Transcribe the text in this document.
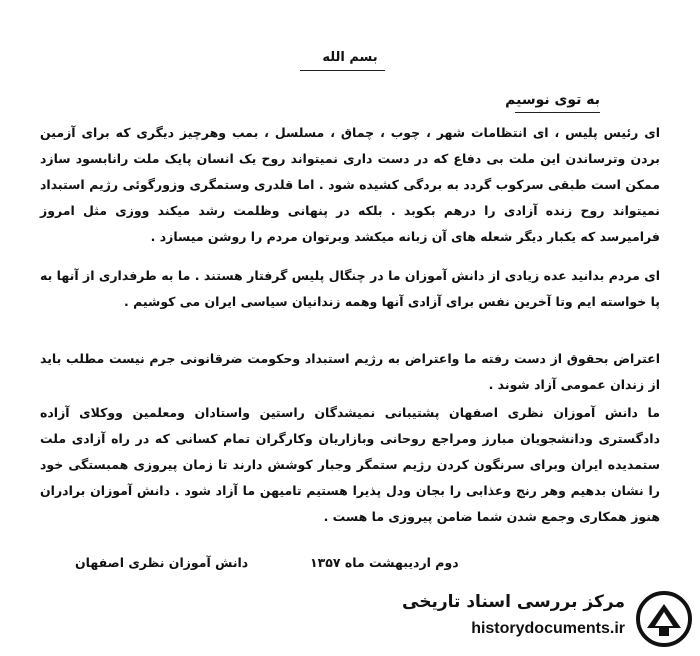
بسم الله
به توی نوسیم
ای رئیس پلیس ، ای انتظامات شهر ، چوب ، چماق ، مسلسل ، بمب وهرچیز دیگری که برای آزمین بردن وترساندن این ملت بی دفاع که در دست داری نمیتواند روح یک انسان پایک ملت رانابسود سازد ممکن است طبقی سرکوب گردد به بردگی کشیده شود . اما قلدری وستمگری وزورگوئی رژیم استبداد نمیتواند روح زنده آزادی را درهم بکوبد . بلکه در پنهانی وظلمت رشد میکند ووزی مثل امروز فرامیرسد که یکبار دیگر شعله های آن زبانه میکشد وبرتوان مردم را روشن میسازد .
ای مردم بدانید عده زیادی از دانش آموزان ما در چنگال پلیس گرفتار هستند . ما به طرفداری از آنها به پا خواسته ایم وتا آخرین نفس برای آزادی آنها وهمه زندانیان سیاسی ایران می کوشیم .
اعتراض بحقوق از دست رفته ما واعتراض به رژیم استبداد وحکومت ضرقانونی جرم نیست مطلب باید از زندان عمومی آزاد شوند .
ما دانش آموزان نظری اصفهان پشتیبانی نمیشدگان راستین واستادان ومعلمین ووکلای آزاده دادگستری ودانشجویان مبارز ومراجع روحانی وبازاریان وکارگران تمام کسانی که در راه آزادی ملت ستمدیده ایران وبرای سرنگون کردن رژیم ستمگر وجبار کوشش دارند تا زمان پیروزی همبستگی خود را نشان بدهیم وهر رنج وعذابی را بجان ودل پذیرا هستیم تامیهن ما آزاد شود . دانش آموزان برادران هنوز همکاری وجمع شدن شما ضامن پیروزی ما هست .
دوم اردیبهشت ماه ۱۳۵۷
دانش آموزان نظری اصفهان
مرکز بررسی اسناد تاریخی
historydocuments.ir
